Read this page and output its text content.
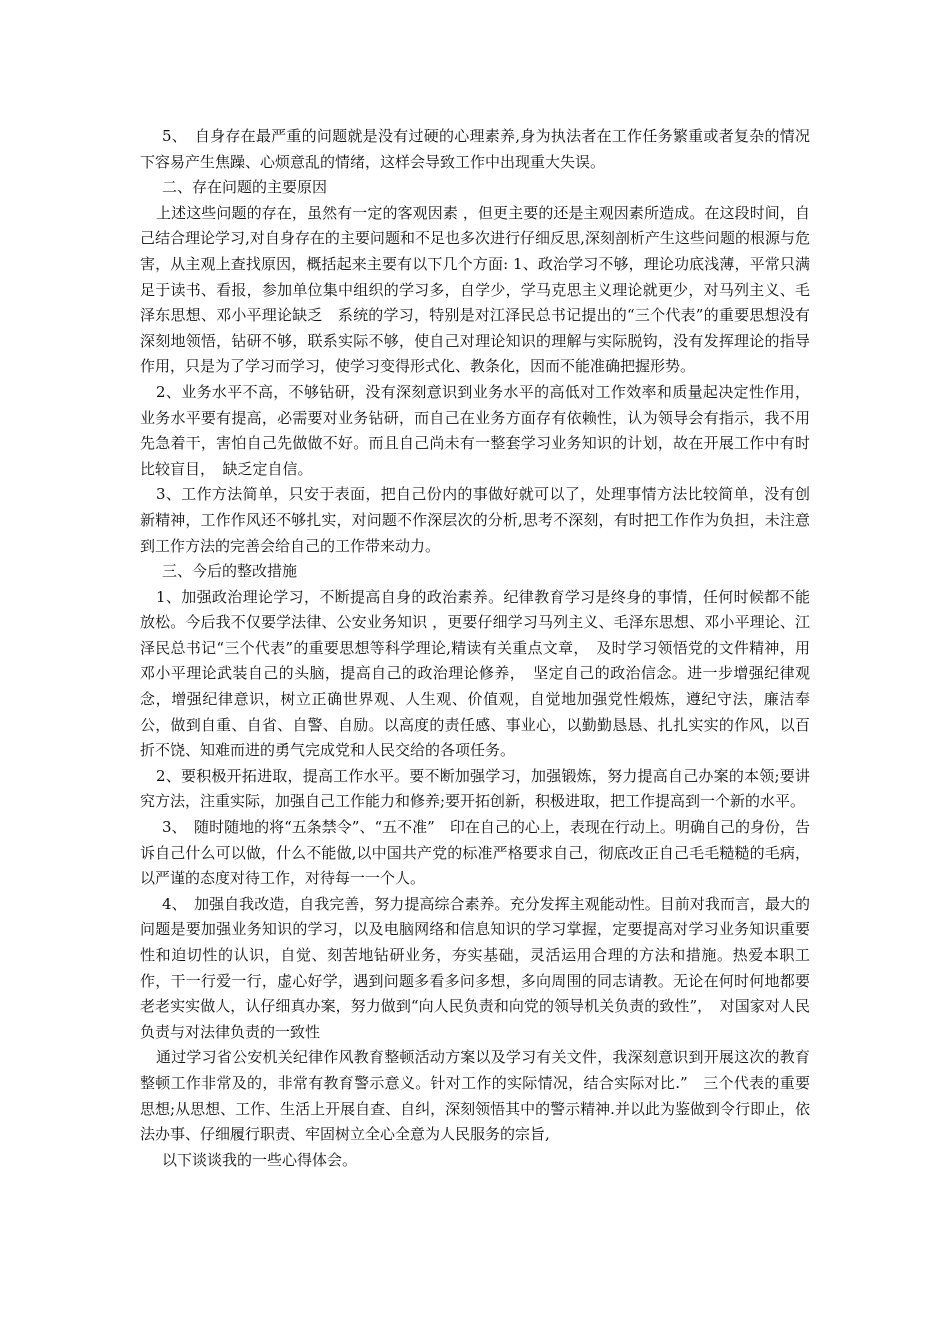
5、　自身存在最严重的问题就是没有过硬的心理素养,身为执法者在工作任务繁重或者复杂的情况下容易产生焦躁、心烦意乱的情绪，这样会导致工作中出现重大失误。

二、存在问题的主要原因

上述这些问题的存在，虽然有一定的客观因素 ，但更主要的还是主观因素所造成。在这段时间，自己结合理论学习,对自身存在的主要问题和不足也多次进行仔细反思,深刻剖析产生这些问题的根源与危害，从主观上查找原因，概括起来主要有以下几个方面: 1、政治学习不够，理论功底浅薄，平常只满足于读书、看报，参加单位集中组织的学习多，自学少，学马克思主义理论就更少，对马列主义、毛泽东思想、邓小平理论缺乏　系统的学习，特别是对江泽民总书记提出的“三个代表”的重要思想没有深刻地领悟，钻研不够，联系实际不够，使自己对理论知识的理解与实际脱钩，没有发挥理论的指导作用，只是为了学习而学习，使学习变得形式化、教条化，因而不能准确把握形势。

2、业务水平不高，不够钻研，没有深刻意识到业务水平的高低对工作效率和质量起决定性作用，业务水平要有提高，必需要对业务钻研，而自己在业务方面存有依赖性，认为领导会有指示，我不用先急着干，害怕自己先做做不好。而且自己尚未有一整套学习业务知识的计划，故在开展工作中有时比较盲目，　缺乏定自信。

3、工作方法简单，只安于表面，把自己份内的事做好就可以了，处理事情方法比较简单，没有创新精神，工作作风还不够扎实，对问题不作深层次的分析,思考不深刻，有时把工作作为负担，未注意到工作方法的完善会给自己的工作带来动力。

三、今后的整改措施

1、加强政治理论学习，不断提高自身的政治素养。纪律教育学习是终身的事情，任何时候都不能放松。今后我不仅要学法律、公安业务知识 ，更要仔细学习马列主义、毛泽东思想、邓小平理论、江泽民总书记“三个代表”的重要思想等科学理论,精读有关重点文章，　及时学习领悟党的文件精神，用邓小平理论武装自己的头脑，提高自己的政治理论修养，　坚定自己的政治信念。进一步增强纪律观念，增强纪律意识，树立正确世界观、人生观、价值观，自觉地加强党性煅炼，遵纪守法，廉洁奉公，做到自重、自省、自警、自励。以高度的责任感、事业心，以勤勤恳恳、扎扎实实的作风，以百折不饶、知难而进的勇气完成党和人民交给的各项任务。

2、要积极开拓进取，提高工作水平。要不断加强学习，加强锻炼，努力提高自己办案的本领;要讲究方法，注重实际，加强自己工作能力和修养;要开拓创新，积极进取，把工作提高到一个新的水平。

3、　随时随地的将“五条禁令”、“五不准”　印在自己的心上，表现在行动上。明确自己的身份，告诉自己什么可以做，什么不能做,以中国共产党的标准严格要求自己，彻底改正自己毛毛糙糙的毛病，以严谨的态度对待工作，对待每一一个人。

4、　加强自我改造，自我完善，努力提高综合素养。充分发挥主观能动性。目前对我而言，最大的问题是要加强业务知识的学习，以及电脑网络和信息知识的学习掌握，定要提高对学习业务知识重要性和迫切性的认识，自觉、刻苦地钻研业务，夯实基础，灵活运用合理的方法和措施。热爱本职工作，干一行爱一行，虚心好学，遇到问题多看多问多想，多向周围的同志请教。无论在何时何地都要老老实实做人，认仔细真办案，努力做到“向人民负责和向党的领导机关负责的致性”，　对国家对人民负责与对法律负责的一致性

通过学习省公安机关纪律作风教育整顿活动方案以及学习有关文件，我深刻意识到开展这次的教育整顿工作非常及的，非常有教育警示意义。针对工作的实际情况，结合实际对比.”　三个代表的重要思想;从思想、工作、生活上开展自查、自纠，深刻领悟其中的警示精神.并以此为鉴做到令行即止，依法办事、仔细履行职责、牢固树立全心全意为人民服务的宗旨,

以下谈谈我的一些心得体会。
